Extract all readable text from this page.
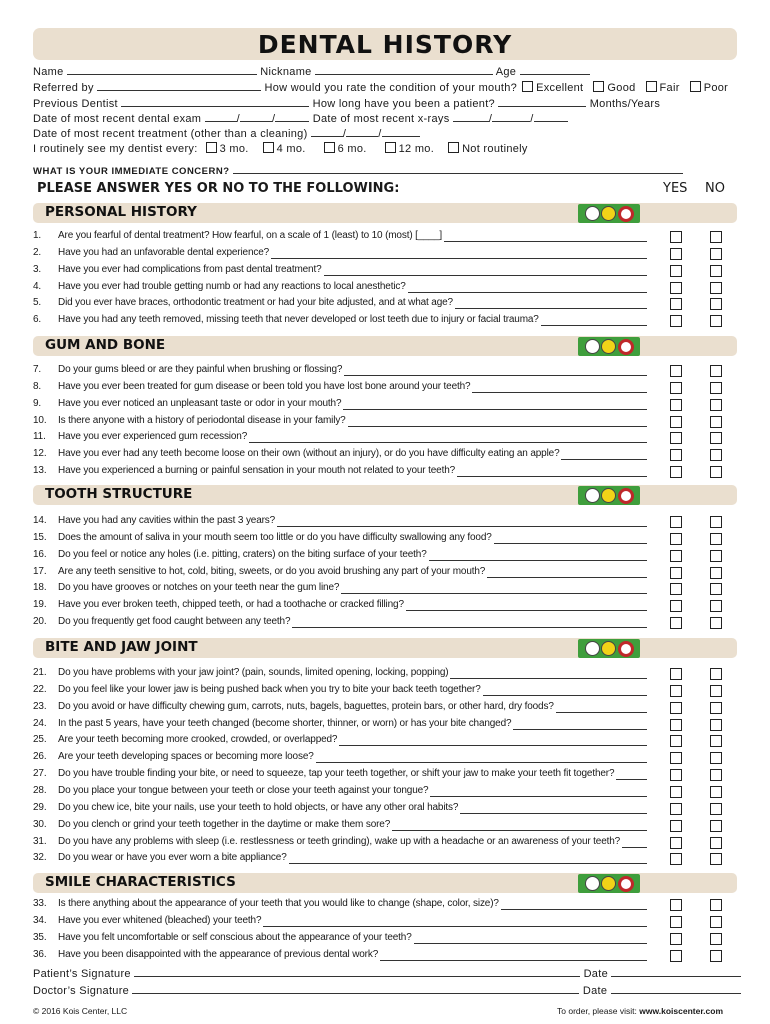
DENTAL HISTORY
Name	Nickname	Age
Referred by	How would you rate the condition of your mouth? Excellent Good Fair Poor
Previous Dentist	How long have you been a patient?	Months/Years
Date of most recent dental exam	/	/	Date of most recent x-rays	/	/
Date of most recent treatment (other than a cleaning)	/	/
I routinely see my dentist every: 3 mo.	4 mo.	6 mo.	12 mo.	Not routinely
WHAT IS YOUR IMMEDIATE CONCERN?
PLEASE ANSWER YES OR NO TO THE FOLLOWING:	YES NO
PERSONAL HISTORY
1.	Are you fearful of dental treatment? How fearful, on a scale of 1 (least) to 10 (most) [____]
2.	Have you had an unfavorable dental experience?
3.	Have you ever had complications from past dental treatment?
4.	Have you ever had trouble getting numb or had any reactions to local anesthetic?
5.	Did you ever have braces, orthodontic treatment or had your bite adjusted, and at what age?
6.	Have you had any teeth removed, missing teeth that never developed or lost teeth due to injury or facial trauma?
GUM AND BONE
7.	Do your gums bleed or are they painful when brushing or flossing?
8.	Have you ever been treated for gum disease or been told you have lost bone around your teeth?
9.	Have you ever noticed an unpleasant taste or odor in your mouth?
10.	Is there anyone with a history of periodontal disease in your family?
11.	Have you ever experienced gum recession?
12.	Have you ever had any teeth become loose on their own (without an injury), or do you have difficulty eating an apple?
13.	Have you experienced a burning or painful sensation in your mouth not related to your teeth?
TOOTH STRUCTURE
14.	Have you had any cavities within the past 3 years?
15.	Does the amount of saliva in your mouth seem too little or do you have difficulty swallowing any food?
16.	Do you feel or notice any holes (i.e. pitting, craters) on the biting surface of your teeth?
17.	Are any teeth sensitive to hot, cold, biting, sweets, or do you avoid brushing any part of your mouth?
18.	Do you have grooves or notches on your teeth near the gum line?
19.	Have you ever broken teeth, chipped teeth, or had a toothache or cracked filling?
20.	Do you frequently get food caught between any teeth?
BITE AND JAW JOINT
21.	Do you have problems with your jaw joint? (pain, sounds, limited opening, locking, popping)
22.	Do you feel like your lower jaw is being pushed back when you try to bite your back teeth together?
23.	Do you avoid or have difficulty chewing gum, carrots, nuts, bagels, baguettes, protein bars, or other hard, dry foods?
24.	In the past 5 years, have your teeth changed (become shorter, thinner, or worn) or has your bite changed?
25.	Are your teeth becoming more crooked, crowded, or overlapped?
26.	Are your teeth developing spaces or becoming more loose?
27.	Do you have trouble finding your bite, or need to squeeze, tap your teeth together, or shift your jaw to make your teeth fit together?
28.	Do you place your tongue between your teeth or close your teeth against your tongue?
29.	Do you chew ice, bite your nails, use your teeth to hold objects, or have any other oral habits?
30.	Do you clench or grind your teeth together in the daytime or make them sore?
31.	Do you have any problems with sleep (i.e. restlessness or teeth grinding), wake up with a headache or an awareness of your teeth?
32.	Do you wear or have you ever worn a bite appliance?
SMILE CHARACTERISTICS
33.	Is there anything about the appearance of your teeth that you would like to change (shape, color, size)?
34.	Have you ever whitened (bleached) your teeth?
35.	Have you felt uncomfortable or self conscious about the appearance of your teeth?
36.	Have you been disappointed with the appearance of previous dental work?
Patient’s Signature	Date
Doctor’s Signature	Date
© 2016 Kois Center, LLC	To order, please visit: www.koiscenter.com
